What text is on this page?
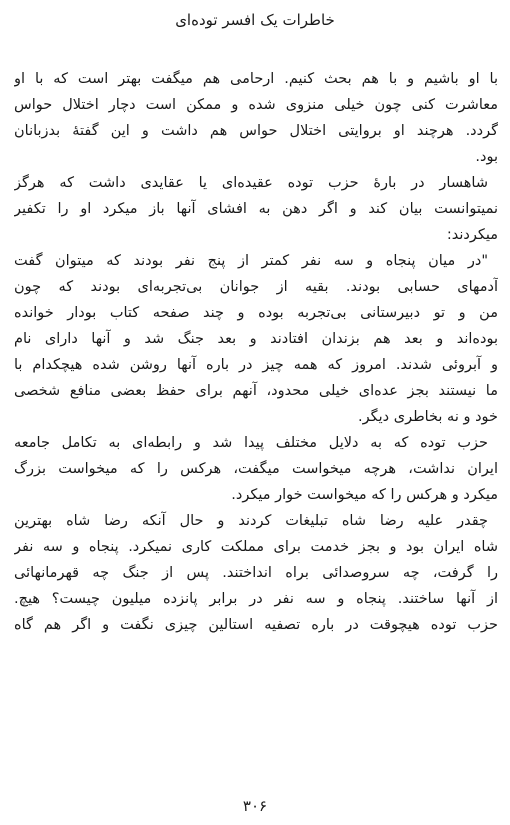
خاطرات یک افسر توده‌ای
با او باشیم و با هم بحث کنیم. ارحامی هم میگفت بهتر است که با او
معاشرت کنی چون خیلی منزوی شده و ممکن است دچار اختلال حواس
گردد. هرچند او بروایتی اختلال حواس هم داشت و این گفته‌ٔ بدزبانان
بود.
شاهسار در بارهٔ حزب توده عقیده‌ای یا عقایدی داشت که هرگز
نمیتوانست بیان کند و اگر دهن به افشای آنها باز میکرد او را تکفیر
میکردند:
"در میان پنجاه و سه نفر کمتر از پنج نفر بودند که میتوان گفت
آدمهای حسابی بودند. بقیه از جوانان بی‌تجربه‌ای بودند که چون
من و تو دبیرستانی بی‌تجربه بوده و چند صفحه کتاب بودار خوانده
بوده‌اند و بعد هم بزندان افتادند و بعد جنگ شد و آنها دارای نام
و آبروئی شدند. امروز که همه چیز در باره آنها روشن شده هیچکدام با
ما نیستند بجز عده‌ای خیلی محدود، آنهم برای حفظ بعضی منافع شخصی
خود و نه بخاطری دیگر.
حزب توده که به دلایل مختلف پیدا شد و رابطه‌ای به تکامل جامعه
ایران نداشت، هرچه میخواست میگفت، هرکس را که میخواست بزرگ
میکرد و هرکس را که میخواست خوار میکرد.
چقدر علیه رضا شاه تبلیغات کردند و حال آنکه رضا شاه بهترین
شاه ایران بود و بجز خدمت برای مملکت کاری نمیکرد. پنجاه و سه نفر
را گرفت، چه سروصدائی براه انداختند. پس از جنگ چه قهرمانهائی
از آنها ساختند. پنجاه و سه نفر در برابر پانزده میلیون چیست؟ هیچ.
حزب توده هیچوقت در باره تصفیه استالین چیزی نگفت و اگر هم گاه
۳۰۶
